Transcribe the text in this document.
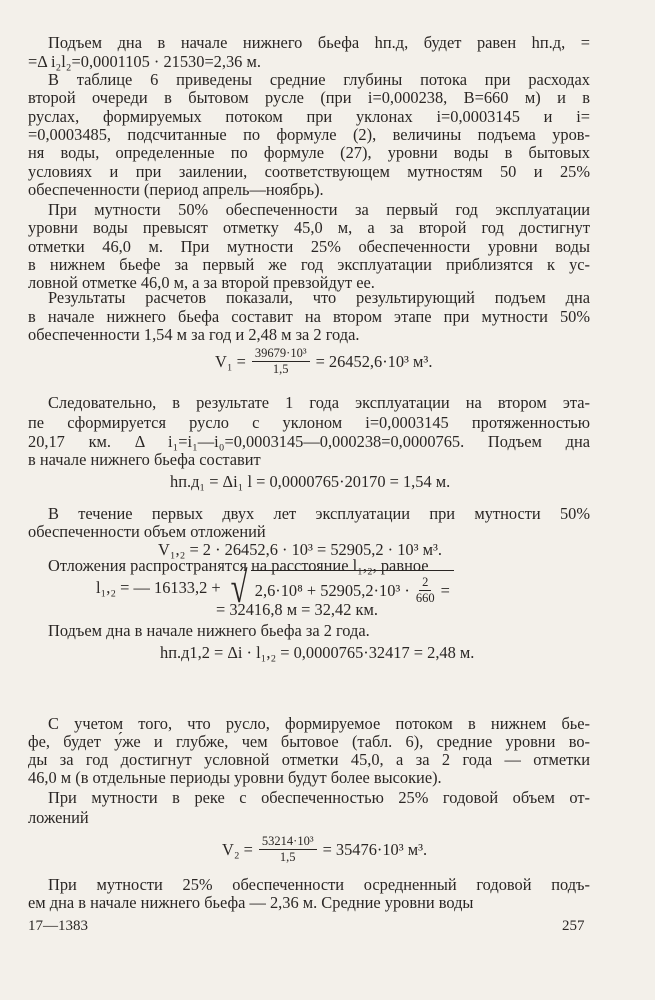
$V_1 = \frac{\text{39679·10³}}{1,5} = 26452,6\cdot 10^3$ м³.
hп.д₁ = Δi₁ l = 0,0000765·20170 = 1,54 м.
V₁,₂ = 2 · 26452,6 · 10³ = 52905,2 · 10³ м³.
l₁,₂ = — 16133,2 + √ $2,6\cdot 10^8 + 52905,2\cdot 10^3 \cdot \frac{2}{660}$ =
= 32416,8 м = 32,42 км.
hп.д1,2 = Δi · l₁,₂ = 0,0000765·32417 = 2,48 м.
$V_2 = \frac{\text{53214·10³}}{1,5} = 35476\cdot 10^3$ м³.
17—1383	257
Подъем дна в начале нижнего бьефа hп.д, будет равен hп.д, =
=Δ i₂l₂=0,0001105 · 21530=2,36 м.
В таблице 6 приведены средние глубины потока при расходах
второй очереди в бытовом русле (при i=0,000238, B=660 м) и в
руслах, формируемых потоком при уклонах i=0,0003145 и i=
=0,0003485, подсчитанные по формуле (2), величины подъема уров-
ня воды, определенные по формуле (27), уровни воды в бытовых
условиях и при заилении, соответствующем мутностям 50 и 25%
обеспеченности (период апрель—ноябрь).
При мутности 50% обеспеченности за первый год эксплуатации
уровни воды превысят отметку 45,0 м, а за второй год достигнут
отметки 46,0 м. При мутности 25% обеспеченности уровни воды
в нижнем бьефе за первый же год эксплуатации приблизятся к ус-
ловной отметке 46,0 м, а за второй превзойдут ее.
Результаты расчетов показали, что результирующий подъем дна
в начале нижнего бьефа составит на втором этапе при мутности 50%
обеспеченности 1,54 м за год и 2,48 м за 2 года.
Следовательно, в результате 1 года эксплуатации на втором эта-
пе сформируется русло с уклоном i=0,0003145 протяженностью
20,17 км. Δ i₁=i₁—i₀=0,0003145—0,000238=0,0000765. Подъем дна
в начале нижнего бьефа составит
В течение первых двух лет эксплуатации при мутности 50%
обеспеченности объем отложений
Отложения распространятся на расстояние l₁,₂, равное
Подъем дна в начале нижнего бьефа за 2 года.
С учетом того, что русло, формируемое потоком в нижнем бье-
фе, будет у́же и глубже, чем бытовое (табл. 6), средние уровни во-
ды за год достигнут условной отметки 45,0, а за 2 года — отметки
46,0 м (в отдельные периоды уровни будут более высокие).
При мутности в реке с обеспеченностью 25% годовой объем от-
ложений
При мутности 25% обеспеченности осредненный годовой подъ-
ем дна в начале нижнего бьефа — 2,36 м. Средние уровни воды
